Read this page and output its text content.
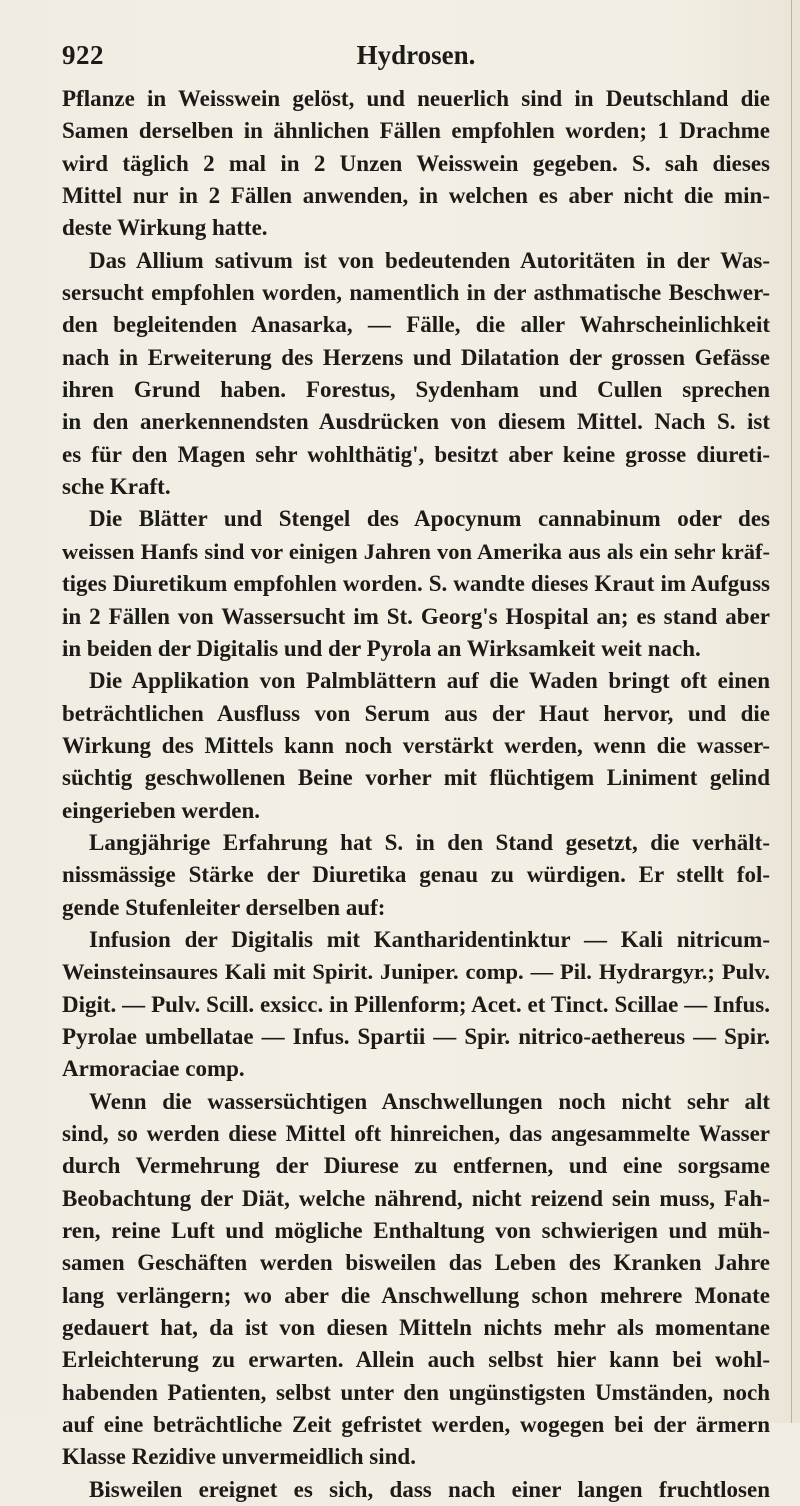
922	Hydrosen.
Pflanze in Weisswein gelöst, und neuerlich sind in Deutschland die
Samen derselben in ähnlichen Fällen empfohlen worden; 1 Drachme
wird täglich 2 mal in 2 Unzen Weisswein gegeben. S. sah dieses
Mittel nur in 2 Fällen anwenden, in welchen es aber nicht die min-
deste Wirkung hatte.
Das Allium sativum ist von bedeutenden Autoritäten in der Was-
sersucht empfohlen worden, namentlich in der asthmatische Beschwer-
den begleitenden Anasarka, — Fälle, die aller Wahrscheinlichkeit
nach in Erweiterung des Herzens und Dilatation der grossen Gefässe
ihren Grund haben. Forestus, Sydenham und Cullen sprechen
in den anerkennendsten Ausdrücken von diesem Mittel. Nach S. ist
es für den Magen sehr wohlthätig', besitzt aber keine grosse diureti-
sche Kraft.
Die Blätter und Stengel des Apocynum cannabinum oder des
weissen Hanfs sind vor einigen Jahren von Amerika aus als ein sehr kräf-
tiges Diuretikum empfohlen worden. S. wandte dieses Kraut im Aufguss
in 2 Fällen von Wassersucht im St. Georg's Hospital an; es stand aber
in beiden der Digitalis und der Pyrola an Wirksamkeit weit nach.
Die Applikation von Palmblättern auf die Waden bringt oft einen
beträchtlichen Ausfluss von Serum aus der Haut hervor, und die
Wirkung des Mittels kann noch verstärkt werden, wenn die wasser-
süchtig geschwollenen Beine vorher mit flüchtigem Liniment gelind
eingerieben werden.
Langjährige Erfahrung hat S. in den Stand gesetzt, die verhält-
nissmässige Stärke der Diuretika genau zu würdigen. Er stellt fol-
gende Stufenleiter derselben auf:
Infusion der Digitalis mit Kantharidentinktur — Kali nitricum-
Weinsteinsaures Kali mit Spirit. Juniper. comp. — Pil. Hydrargyr.; Pulv.
Digit. — Pulv. Scill. exsicc. in Pillenform; Acet. et Tinct. Scillae — Infus.
Pyrolae umbellatae — Infus. Spartii — Spir. nitrico-aethereus — Spir.
Armoraciae comp.
Wenn die wassersüchtigen Anschwellungen noch nicht sehr alt
sind, so werden diese Mittel oft hinreichen, das angesammelte Wasser
durch Vermehrung der Diurese zu entfernen, und eine sorgsame
Beobachtung der Diät, welche nährend, nicht reizend sein muss, Fah-
ren, reine Luft und mögliche Enthaltung von schwierigen und müh-
samen Geschäften werden bisweilen das Leben des Kranken Jahre
lang verlängern; wo aber die Anschwellung schon mehrere Monate
gedauert hat, da ist von diesen Mitteln nichts mehr als momentane
Erleichterung zu erwarten. Allein auch selbst hier kann bei wohl-
habenden Patienten, selbst unter den ungünstigsten Umständen, noch
auf eine beträchtliche Zeit gefristet werden, wogegen bei der ärmern
Klasse Rezidive unvermeidlich sind.
Bisweilen ereignet es sich, dass nach einer langen fruchtlosen
